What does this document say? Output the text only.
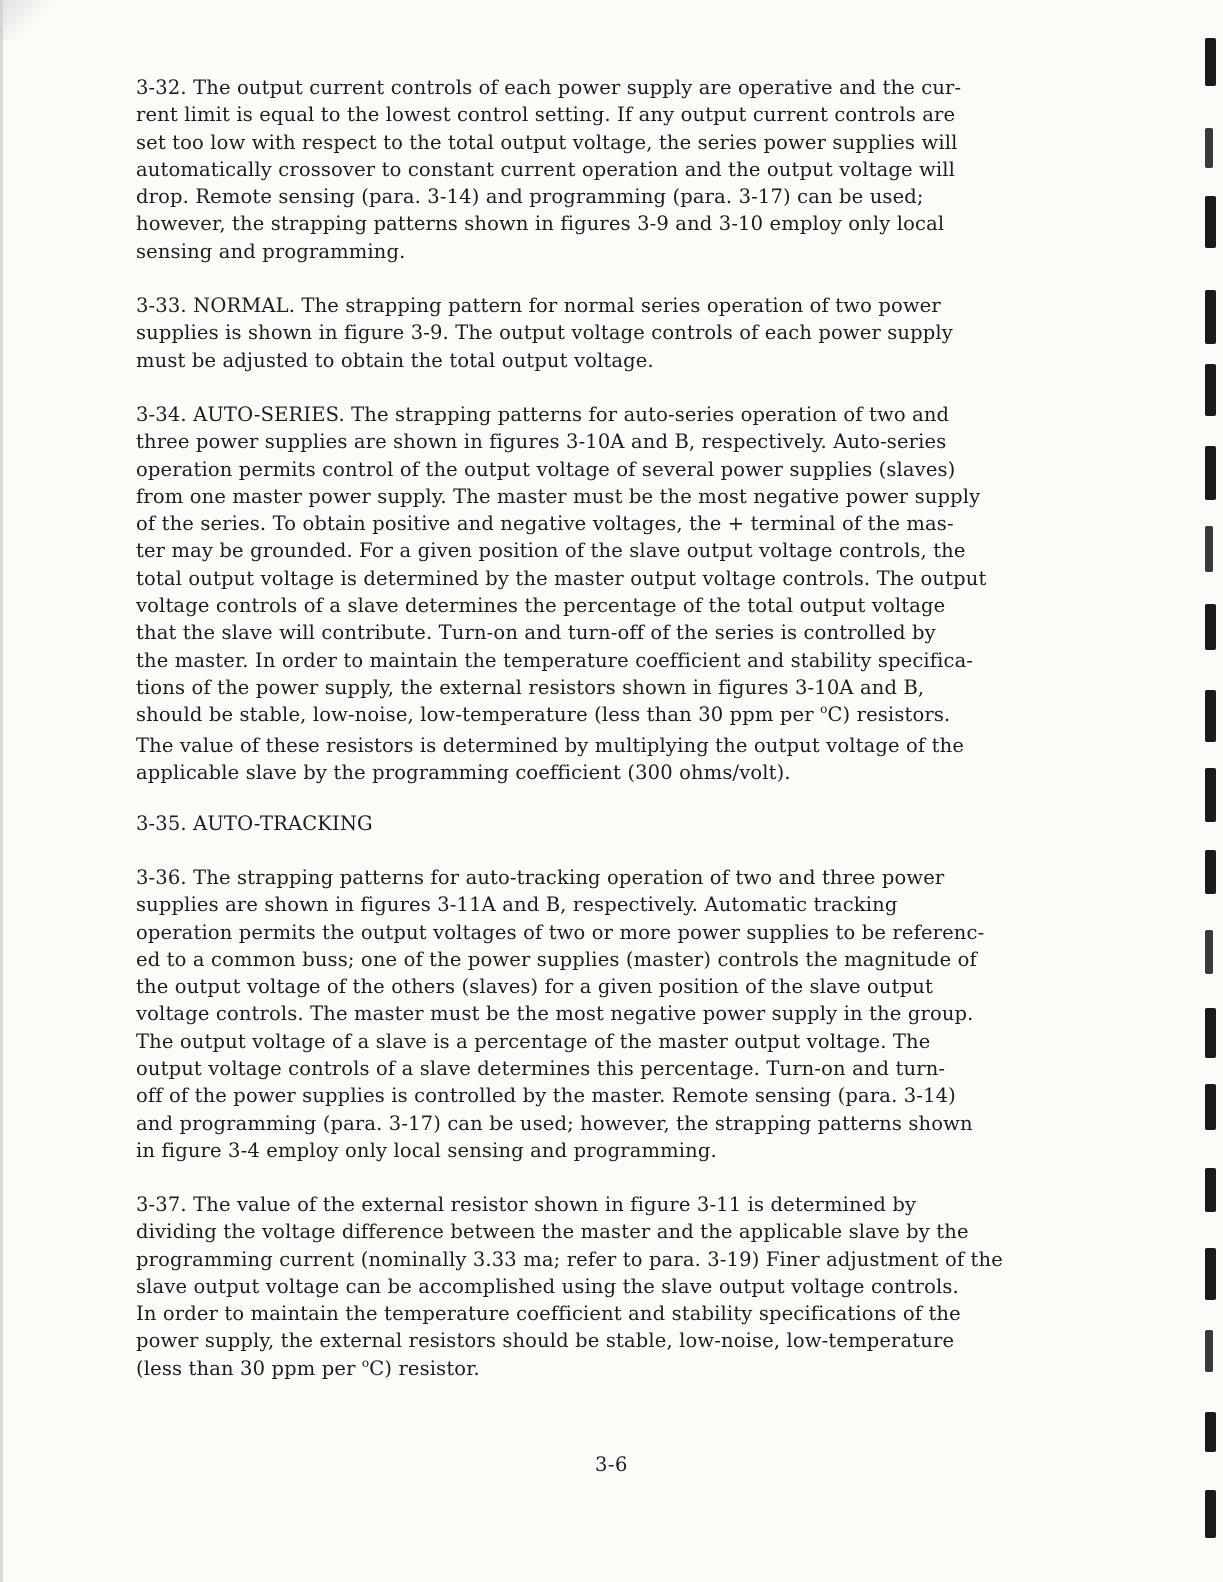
3-32. The output current controls of each power supply are operative and the cur-
rent limit is equal to the lowest control setting. If any output current controls are
set too low with respect to the total output voltage, the series power supplies will
automatically crossover to constant current operation and the output voltage will
drop. Remote sensing (para. 3-14) and programming (para. 3-17) can be used;
however, the strapping patterns shown in figures 3-9 and 3-10 employ only local
sensing and programming.
3-33. NORMAL. The strapping pattern for normal series operation of two power
supplies is shown in figure 3-9. The output voltage controls of each power supply
must be adjusted to obtain the total output voltage.
3-34. AUTO-SERIES. The strapping patterns for auto-series operation of two and
three power supplies are shown in figures 3-10A and B, respectively. Auto-series
operation permits control of the output voltage of several power supplies (slaves)
from one master power supply. The master must be the most negative power supply
of the series. To obtain positive and negative voltages, the + terminal of the mas-
ter may be grounded. For a given position of the slave output voltage controls, the
total output voltage is determined by the master output voltage controls. The output
voltage controls of a slave determines the percentage of the total output voltage
that the slave will contribute. Turn-on and turn-off of the series is controlled by
the master. In order to maintain the temperature coefficient and stability specifica-
tions of the power supply, the external resistors shown in figures 3-10A and B,
should be stable, low-noise, low-temperature (less than 30 ppm per $^o$C) resistors.
The value of these resistors is determined by multiplying the output voltage of the
applicable slave by the programming coefficient (300 ohms/volt).
3-35. AUTO-TRACKING
3-36. The strapping patterns for auto-tracking operation of two and three power
supplies are shown in figures 3-11A and B, respectively. Automatic tracking
operation permits the output voltages of two or more power supplies to be referenc-
ed to a common buss; one of the power supplies (master) controls the magnitude of
the output voltage of the others (slaves) for a given position of the slave output
voltage controls. The master must be the most negative power supply in the group.
The output voltage of a slave is a percentage of the master output voltage. The
output voltage controls of a slave determines this percentage. Turn-on and turn-
off of the power supplies is controlled by the master. Remote sensing (para. 3-14)
and programming (para. 3-17) can be used; however, the strapping patterns shown
in figure 3-4 employ only local sensing and programming.
3-37. The value of the external resistor shown in figure 3-11 is determined by
dividing the voltage difference between the master and the applicable slave by the
programming current (nominally 3.33 ma; refer to para. 3-19) Finer adjustment of the
slave output voltage can be accomplished using the slave output voltage controls.
In order to maintain the temperature coefficient and stability specifications of the
power supply, the external resistors should be stable, low-noise, low-temperature
(less than 30 ppm per $^o$C) resistor.
3-6
